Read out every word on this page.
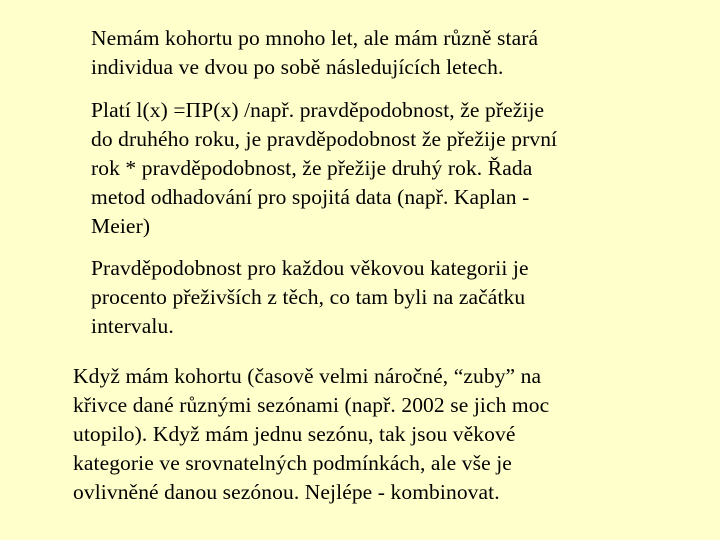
Nemám kohortu po mnoho let, ale mám různě stará
individua ve dvou po sobě následujících letech.

Platí l(x) =ΠP(x) /např. pravděpodobnost, že přežije
do druhého roku, je pravděpodobnost že přežije první
rok * pravděpodobnost, že přežije druhý rok. Řada
metod odhadování pro spojitá data (např. Kaplan -
Meier)

Pravděpodobnost pro každou věkovou kategorii je
procento přeživších z těch, co tam byli na začátku
intervalu.

Když mám kohortu (časově velmi náročné, “zuby” na
křivce dané různými sezónami (např. 2002 se jich moc
utopilo). Když mám jednu sezónu, tak jsou věkové
kategorie ve srovnatelných podmínkách, ale vše je
ovlivněné danou sezónou. Nejlépe - kombinovat.
